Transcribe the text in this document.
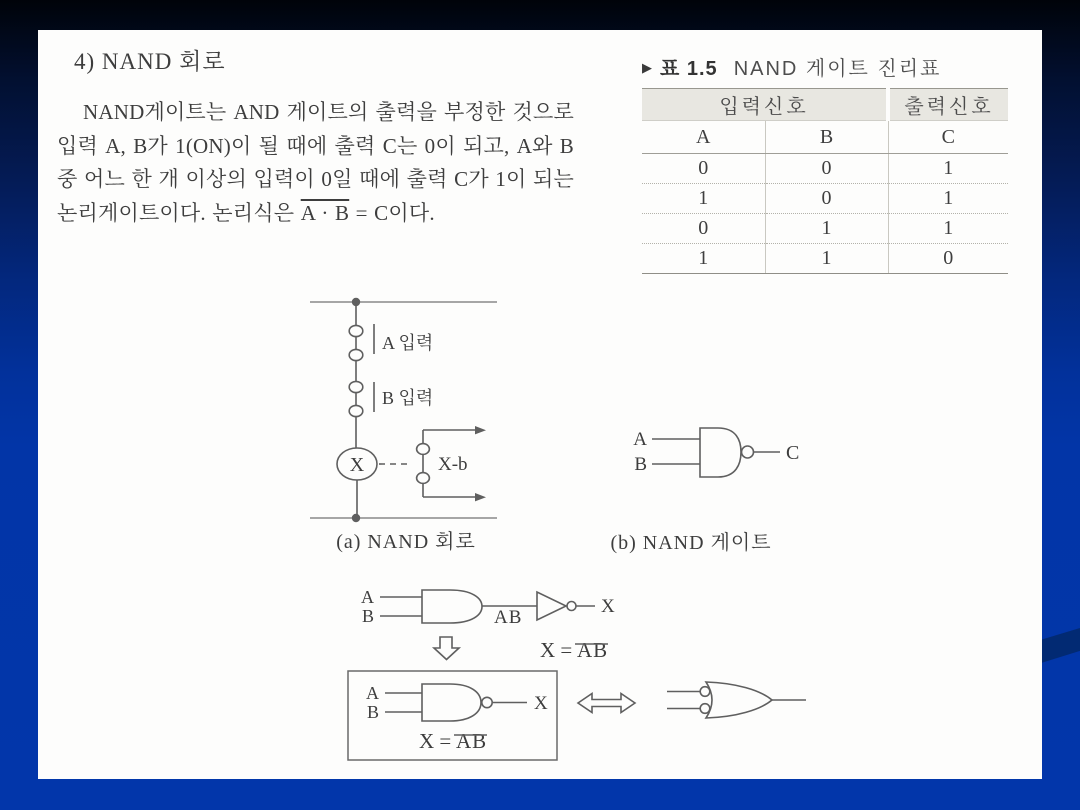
4) NAND 회로

NAND게이트는 AND 게이트의 출력을 부정한 것으로 입력 A, B가 1(ON)이 될 때에 출력 C는 0이 되고, A와 B 중 어느 한 개 이상의 입력이 0일 때에 출력 C가 1이 되는 논리게이트이다. 논리식은 A · B = C이다.

▶ 표 1.5 NAND 게이트 진리표
입력신호		출력신호
A	B	C
0	0	1
1	0	1
0	1	1
1	1	0
A 입력
B 입력
X	X-b
(a) NAND 회로
A
B
C
(b) NAND 게이트
A
B	AB
X
X = AB
A
B	X
X = AB
